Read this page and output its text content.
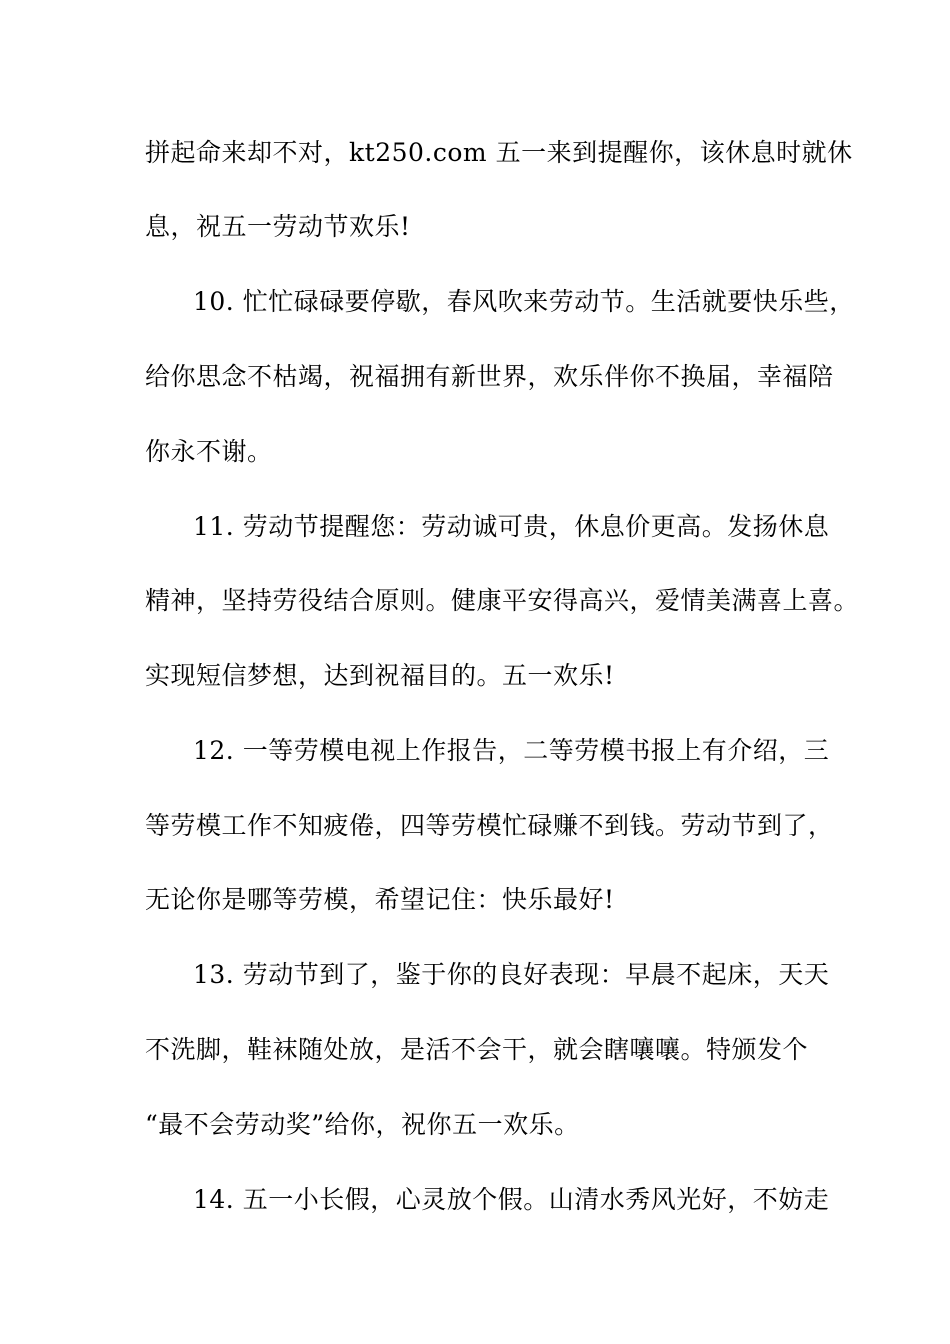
拼起命来却不对，kt250.com 五一来到提醒你，该休息时就休
息，祝五一劳动节欢乐!
10. 忙忙碌碌要停歇，春风吹来劳动节。生活就要快乐些，
给你思念不枯竭，祝福拥有新世界，欢乐伴你不换届，幸福陪
你永不谢。
11. 劳动节提醒您：劳动诚可贵，休息价更高。发扬休息
精神，坚持劳役结合原则。健康平安得高兴，爱情美满喜上喜。
实现短信梦想，达到祝福目的。五一欢乐!
12. 一等劳模电视上作报告，二等劳模书报上有介绍，三
等劳模工作不知疲倦，四等劳模忙碌赚不到钱。劳动节到了，
无论你是哪等劳模，希望记住：快乐最好!
13. 劳动节到了，鉴于你的良好表现：早晨不起床，天天
不洗脚，鞋袜随处放，是活不会干，就会瞎嚷嚷。特颁发个
“最不会劳动奖”给你，祝你五一欢乐。
14. 五一小长假，心灵放个假。山清水秀风光好，不妨走
